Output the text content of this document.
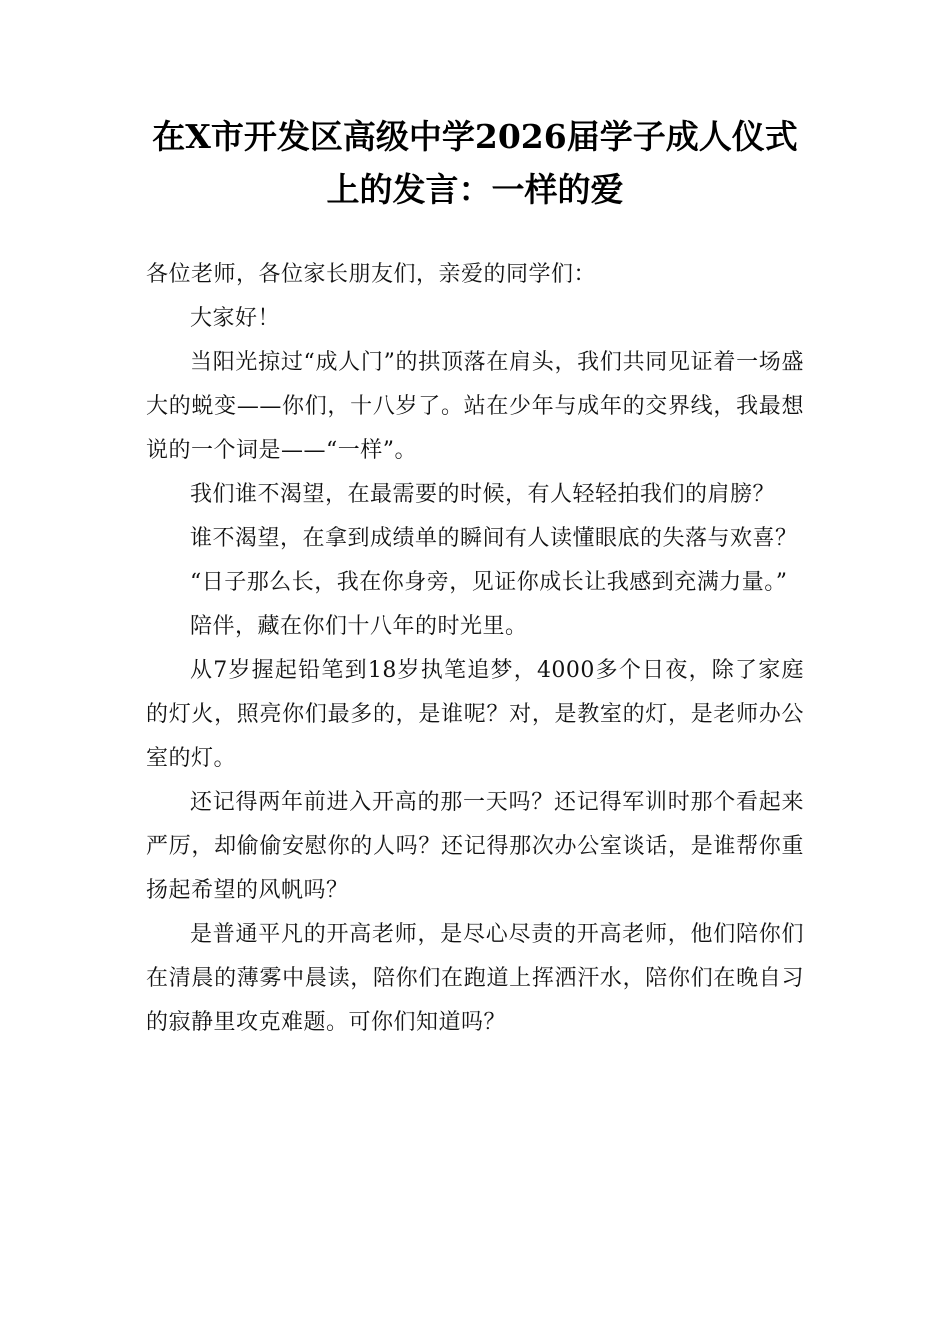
在X市开发区高级中学2026届学子成人仪式上的发言：一样的爱

各位老师，各位家长朋友们，亲爱的同学们：

大家好！

当阳光掠过“成人门”的拱顶落在肩头，我们共同见证着一场盛大的蜕变——你们，十八岁了。站在少年与成年的交界线，我最想说的一个词是——“一样”。

我们谁不渴望，在最需要的时候，有人轻轻拍我们的肩膀？

谁不渴望，在拿到成绩单的瞬间有人读懂眼底的失落与欢喜？

“日子那么长，我在你身旁，见证你成长让我感到充满力量。”

陪伴，藏在你们十八年的时光里。

从7岁握起铅笔到18岁执笔追梦，4000多个日夜，除了家庭的灯火，照亮你们最多的，是谁呢？对，是教室的灯，是老师办公室的灯。

还记得两年前进入开高的那一天吗？还记得军训时那个看起来严厉，却偷偷安慰你的人吗？还记得那次办公室谈话，是谁帮你重扬起希望的风帆吗？

是普通平凡的开高老师，是尽心尽责的开高老师，他们陪你们在清晨的薄雾中晨读，陪你们在跑道上挥洒汗水，陪你们在晚自习的寂静里攻克难题。可你们知道吗？
